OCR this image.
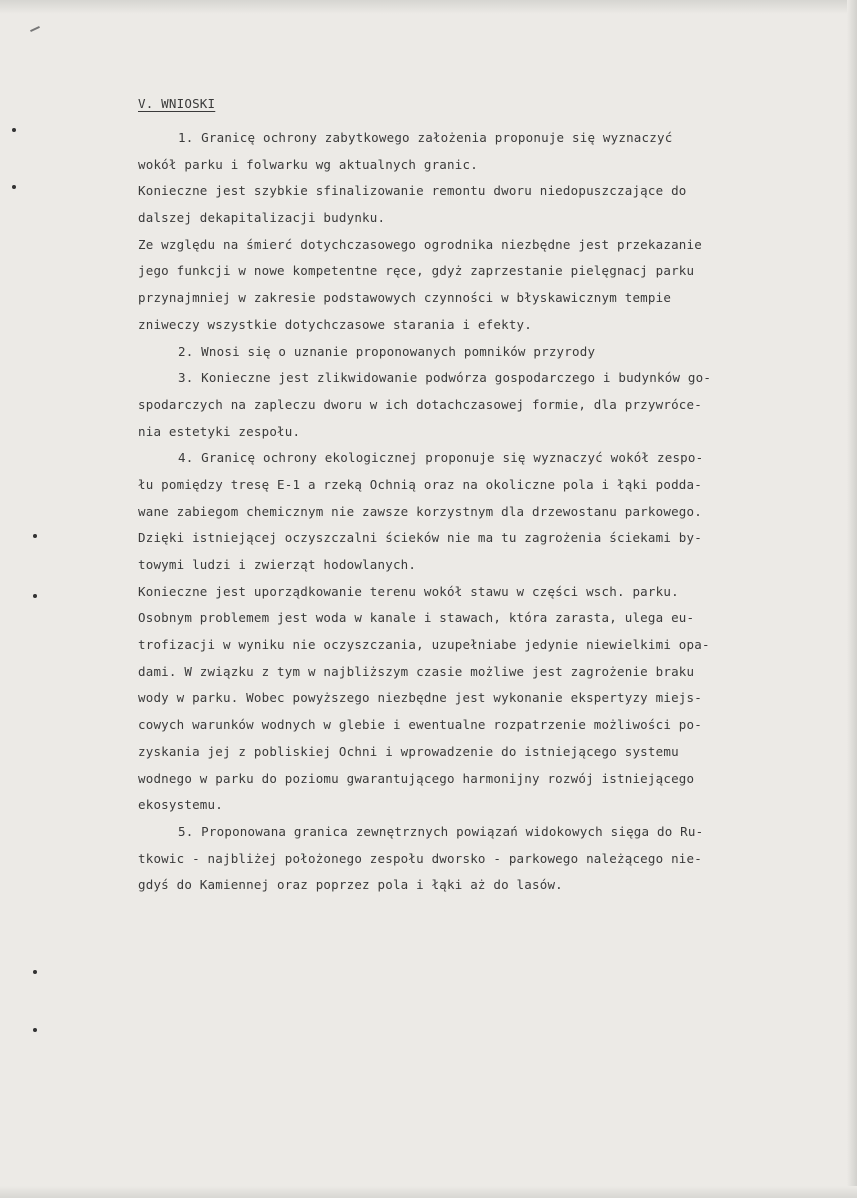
V. WNIOSKI
1. Granicę ochrony zabytkowego założenia proponuje się wyznaczyć
wokół parku i folwarku wg aktualnych granic.
Konieczne jest szybkie sfinalizowanie remontu dworu niedopuszczające do
dalszej dekapitalizacji budynku.
Ze względu na śmierć dotychczasowego ogrodnika niezbędne jest przekazanie
jego funkcji w nowe kompetentne ręce, gdyż zaprzestanie pielęgnacj parku
przynajmniej w zakresie podstawowych czynności w błyskawicznym tempie
zniweczy wszystkie dotychczasowe starania i efekty.
2. Wnosi się o uznanie proponowanych pomników przyrody
3. Konieczne jest zlikwidowanie podwórza gospodarczego i budynków go-
spodarczych na zapleczu dworu w ich dotachczasowej formie, dla przywróce-
nia estetyki zespołu.
4. Granicę ochrony ekologicznej proponuje się wyznaczyć wokół zespo-
łu pomiędzy tresę E-1 a rzeką Ochnią oraz na okoliczne pola i łąki podda-
wane zabiegom chemicznym nie zawsze korzystnym dla drzewostanu parkowego.
Dzięki istniejącej oczyszczalni ścieków nie ma tu zagrożenia ściekami by-
towymi ludzi i zwierząt hodowlanych.
Konieczne jest uporządkowanie terenu wokół stawu w części wsch. parku.
Osobnym problemem jest woda w kanale i stawach, która zarasta, ulega eu-
trofizacji w wyniku nie oczyszczania, uzupełniabe jedynie niewielkimi opa-
dami. W związku z tym w najbliższym czasie możliwe jest zagrożenie braku
wody w parku. Wobec powyższego niezbędne jest wykonanie ekspertyzy miejs-
cowych warunków wodnych w glebie i ewentualne rozpatrzenie możliwości po-
zyskania jej z pobliskiej Ochni i wprowadzenie do istniejącego systemu
wodnego w parku do poziomu gwarantującego harmonijny rozwój istniejącego
ekosystemu.
5. Proponowana granica zewnętrznych powiązań widokowych sięga do Ru-
tkowic - najbliżej położonego zespołu dworsko - parkowego należącego nie-
gdyś do Kamiennej oraz poprzez pola i łąki aż do lasów.
